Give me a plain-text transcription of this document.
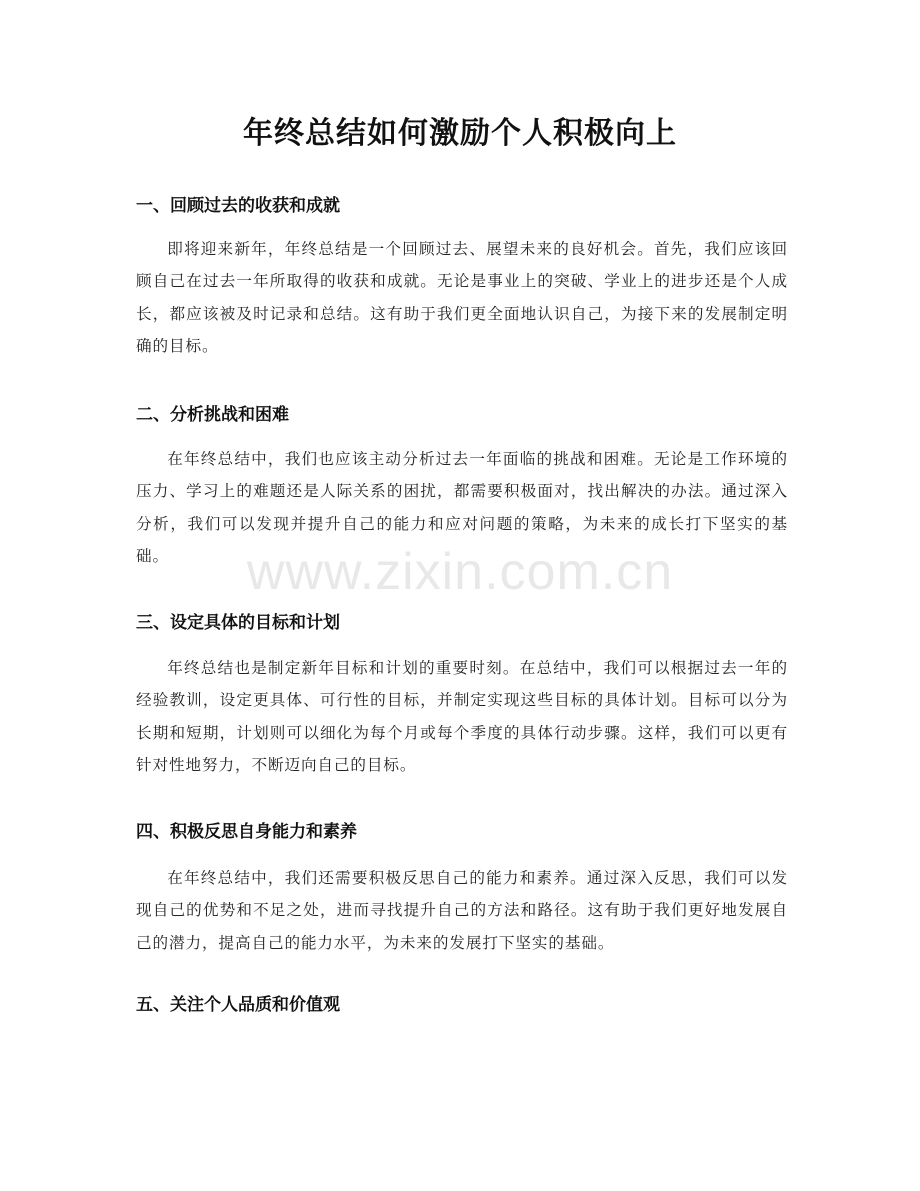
年终总结如何激励个人积极向上
一、回顾过去的收获和成就

即将迎来新年，年终总结是一个回顾过去、展望未来的良好机会。首先，我们应该回顾自己在过去一年所取得的收获和成就。无论是事业上的突破、学业上的进步还是个人成长，都应该被及时记录和总结。这有助于我们更全面地认识自己，为接下来的发展制定明确的目标。

二、分析挑战和困难

在年终总结中，我们也应该主动分析过去一年面临的挑战和困难。无论是工作环境的压力、学习上的难题还是人际关系的困扰，都需要积极面对，找出解决的办法。通过深入分析，我们可以发现并提升自己的能力和应对问题的策略，为未来的成长打下坚实的基础。

三、设定具体的目标和计划

年终总结也是制定新年目标和计划的重要时刻。在总结中，我们可以根据过去一年的经验教训，设定更具体、可行性的目标，并制定实现这些目标的具体计划。目标可以分为长期和短期，计划则可以细化为每个月或每个季度的具体行动步骤。这样，我们可以更有针对性地努力，不断迈向自己的目标。

四、积极反思自身能力和素养

在年终总结中，我们还需要积极反思自己的能力和素养。通过深入反思，我们可以发现自己的优势和不足之处，进而寻找提升自己的方法和路径。这有助于我们更好地发展自己的潜力，提高自己的能力水平，为未来的发展打下坚实的基础。

五、关注个人品质和价值观
www.zixin.com.cn
